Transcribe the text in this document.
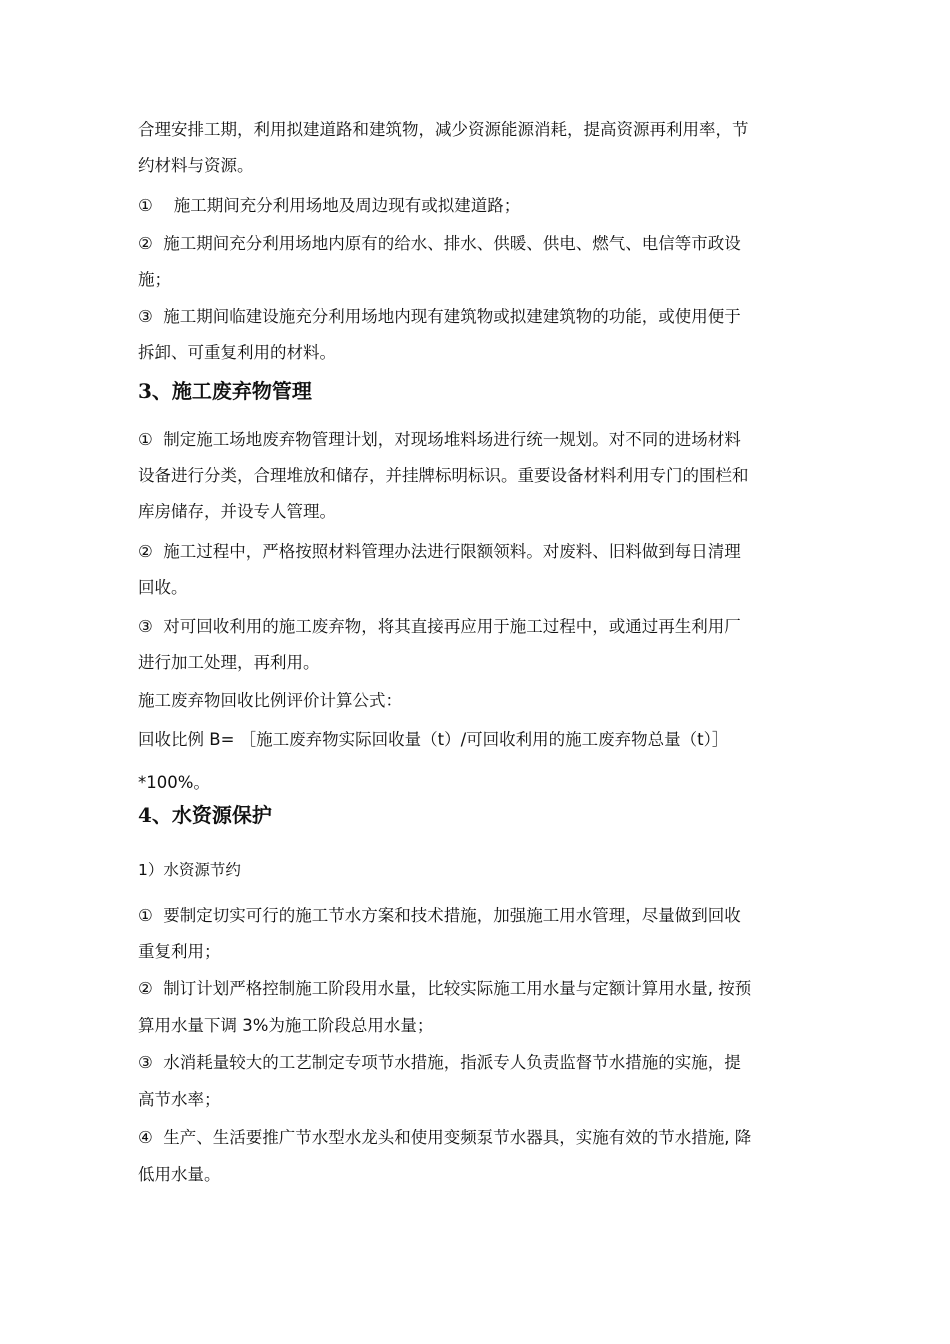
合理安排工期，利用拟建道路和建筑物，减少资源能源消耗，提高资源再利用率，节

约材料与资源。

①    施工期间充分利用场地及周边现有或拟建道路；

②  施工期间充分利用场地内原有的给水、排水、供暖、供电、燃气、电信等市政设

施；

③  施工期间临建设施充分利用场地内现有建筑物或拟建建筑物的功能，或使用便于

拆卸、可重复利用的材料。

3、施工废弃物管理

①  制定施工场地废弃物管理计划，对现场堆料场进行统一规划。对不同的进场材料

设备进行分类，合理堆放和储存，并挂牌标明标识。重要设备材料利用专门的围栏和

库房储存，并设专人管理。

②  施工过程中，严格按照材料管理办法进行限额领料。对废料、旧料做到每日清理

回收。

③  对可回收利用的施工废弃物，将其直接再应用于施工过程中，或通过再生利用厂

进行加工处理，再利用。

施工废弃物回收比例评价计算公式：

回收比例 B= ［施工废弃物实际回收量（t）/可回收利用的施工废弃物总量（t）］

*100%。

4、水资源保护

1）水资源节约

①  要制定切实可行的施工节水方案和技术措施，加强施工用水管理，尽量做到回收

重复利用；

②  制订计划严格控制施工阶段用水量，比较实际施工用水量与定额计算用水量, 按预

算用水量下调 3%为施工阶段总用水量；

③  水消耗量较大的工艺制定专项节水措施，指派专人负责监督节水措施的实施，提

高节水率；

④  生产、生活要推广节水型水龙头和使用变频泵节水器具，实施有效的节水措施, 降

低用水量。
